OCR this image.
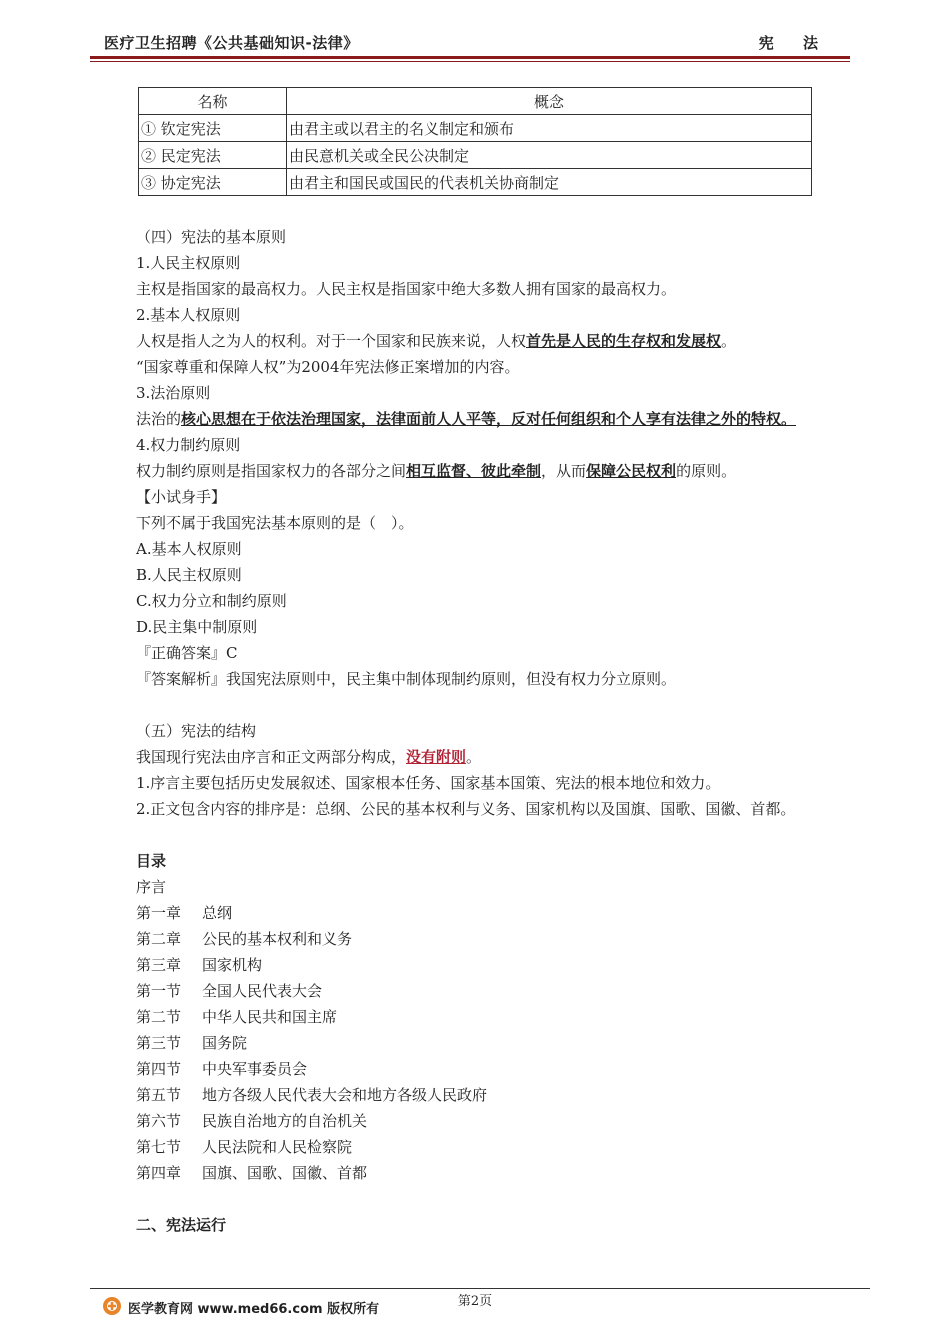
医疗卫生招聘《公共基础知识-法律》	宪 法
名称	概念
① 钦定宪法	由君主或以君主的名义制定和颁布
② 民定宪法	由民意机关或全民公决制定
③ 协定宪法	由君主和国民或国民的代表机关协商制定
（四）宪法的基本原则
1.人民主权原则
主权是指国家的最高权力。人民主权是指国家中绝大多数人拥有国家的最高权力。
2.基本人权原则
人权是指人之为人的权利。对于一个国家和民族来说，人权首先是人民的生存权和发展权。
“国家尊重和保障人权”为2004年宪法修正案增加的内容。
3.法治原则
法治的核心思想在于依法治理国家，法律面前人人平等，反对任何组织和个人享有法律之外的特权。
4.权力制约原则
权力制约原则是指国家权力的各部分之间相互监督、彼此牵制，从而保障公民权利的原则。
【小试身手】
下列不属于我国宪法基本原则的是（　）。
A.基本人权原则
B.人民主权原则
C.权力分立和制约原则
D.民主集中制原则
『正确答案』C
『答案解析』我国宪法原则中，民主集中制体现制约原则，但没有权力分立原则。
（五）宪法的结构
我国现行宪法由序言和正文两部分构成，没有附则。
1.序言主要包括历史发展叙述、国家根本任务、国家基本国策、宪法的根本地位和效力。
2.正文包含内容的排序是：总纲、公民的基本权利与义务、国家机构以及国旗、国歌、国徽、首都。
目录
序言
第一章 总纲
第二章 公民的基本权利和义务
第三章 国家机构
第一节 全国人民代表大会
第二节 中华人民共和国主席
第三节 国务院
第四节 中央军事委员会
第五节 地方各级人民代表大会和地方各级人民政府
第六节 民族自治地方的自治机关
第七节 人民法院和人民检察院
第四章 国旗、国歌、国徽、首都
二、宪法运行
第2页
医学教育网 www.med66.com 版权所有
